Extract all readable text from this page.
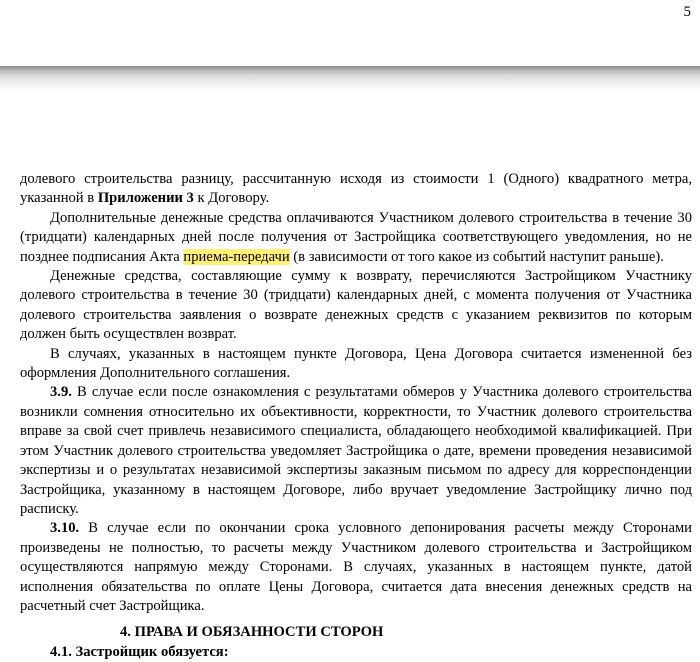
5

долевого строительства разницу, рассчитанную исходя из стоимости 1 (Одного) квадратного метра, указанной в Приложении 3 к Договору.

Дополнительные денежные средства оплачиваются Участником долевого строительства в течение 30 (тридцати) календарных дней после получения от Застройщика соответствующего уведомления, но не позднее подписания Акта приема-передачи (в зависимости от того какое из событий наступит раньше).

Денежные средства, составляющие сумму к возврату, перечисляются Застройщиком Участнику долевого строительства в течение 30 (тридцати) календарных дней, с момента получения от Участника долевого строительства заявления о возврате денежных средств с указанием реквизитов по которым должен быть осуществлен возврат.

В случаях, указанных в настоящем пункте Договора, Цена Договора считается измененной без оформления Дополнительного соглашения.

3.9. В случае если после ознакомления с результатами обмеров у Участника долевого строительства возникли сомнения относительно их объективности, корректности, то Участник долевого строительства вправе за свой счет привлечь независимого специалиста, обладающего необходимой квалификацией. При этом Участник долевого строительства уведомляет Застройщика о дате, времени проведения независимой экспертизы и о результатах независимой экспертизы заказным письмом по адресу для корреспонденции Застройщика, указанному в настоящем Договоре, либо вручает уведомление Застройщику лично под расписку.

3.10. В случае если по окончании срока условного депонирования расчеты между Сторонами произведены не полностью, то расчеты между Участником долевого строительства и Застройщиком осуществляются напрямую между Сторонами. В случаях, указанных в настоящем пункте, датой исполнения обязательства по оплате Цены Договора, считается дата внесения денежных средств на расчетный счет Застройщика.

4. ПРАВА И ОБЯЗАННОСТИ СТОРОН

4.1. Застройщик обязуется:
